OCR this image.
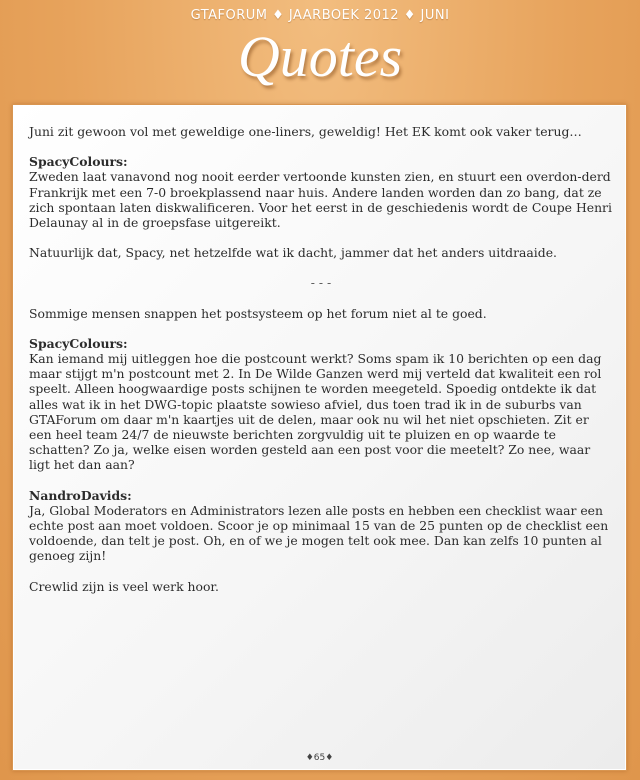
GTAFORUM ♦ JAARBOEK 2012 ♦ JUNI
Quotes

Juni zit gewoon vol met geweldige one-liners, geweldig! Het EK komt ook vaker terug…

SpacyColours:

Zweden laat vanavond nog nooit eerder vertoonde kunsten zien, en stuurt een overdon-derd Frankrijk met een 7-0 broekplassend naar huis. Andere landen worden dan zo bang, dat ze zich spontaan laten diskwalificeren. Voor het eerst in de geschiedenis wordt de Coupe Henri Delaunay al in de groepsfase uitgereikt.

Natuurlijk dat, Spacy, net hetzelfde wat ik dacht, jammer dat het anders uitdraaide.

- - -

Sommige mensen snappen het postsysteem op het forum niet al te goed.

SpacyColours:

Kan iemand mij uitleggen hoe die postcount werkt? Soms spam ik 10 berichten op een dag maar stijgt m'n postcount met 2. In De Wilde Ganzen werd mij verteld dat kwaliteit een rol speelt. Alleen hoogwaardige posts schijnen te worden meegeteld. Spoedig ontdekte ik dat alles wat ik in het DWG-topic plaatste sowieso afviel, dus toen trad ik in de suburbs van GTAForum om daar m'n kaartjes uit de delen, maar ook nu wil het niet opschieten. Zit er een heel team 24/7 de nieuwste berichten zorgvuldig uit te pluizen en op waarde te schatten? Zo ja, welke eisen worden gesteld aan een post voor die meetelt? Zo nee, waar ligt het dan aan?

NandroDavids:

Ja, Global Moderators en Administrators lezen alle posts en hebben een checklist waar een echte post aan moet voldoen. Scoor je op minimaal 15 van de 25 punten op de checklist een voldoende, dan telt je post. Oh, en of we je mogen telt ook mee. Dan kan zelfs 10 punten al genoeg zijn!

Crewlid zijn is veel werk hoor.

♦65♦
